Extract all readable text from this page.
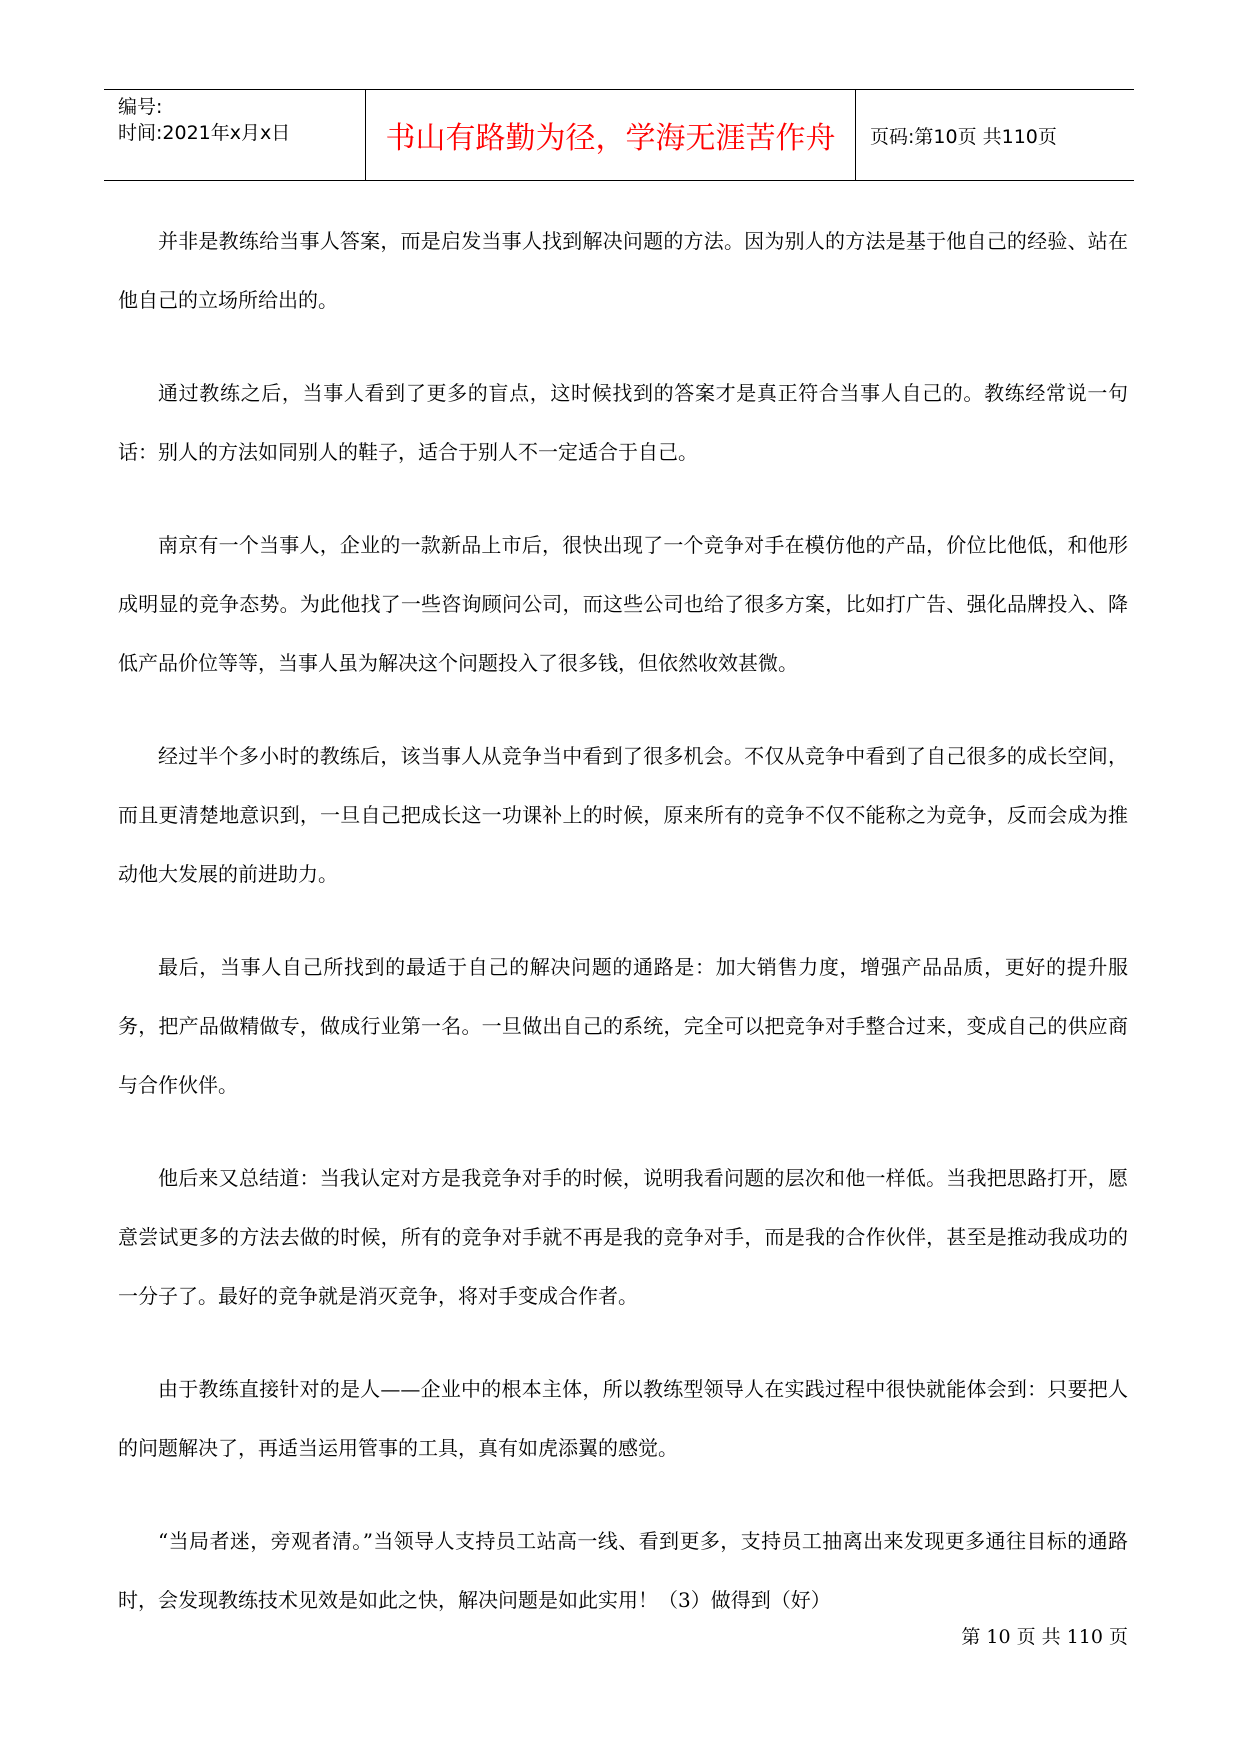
编号:
时间:2021年x月x日	书山有路勤为径，学海无涯苦作舟 页码:第10页 共110页

并非是教练给当事人答案，而是启发当事人找到解决问题的方法。因为别人的方法是基于他自己的经验、站在他自己的立场所给出的。

通过教练之后，当事人看到了更多的盲点，这时候找到的答案才是真正符合当事人自己的。教练经常说一句话：别人的方法如同别人的鞋子，适合于别人不一定适合于自己。

南京有一个当事人，企业的一款新品上市后，很快出现了一个竞争对手在模仿他的产品，价位比他低，和他形成明显的竞争态势。为此他找了一些咨询顾问公司，而这些公司也给了很多方案，比如打广告、强化品牌投入、降低产品价位等等，当事人虽为解决这个问题投入了很多钱，但依然收效甚微。

经过半个多小时的教练后，该当事人从竞争当中看到了很多机会。不仅从竞争中看到了自己很多的成长空间，而且更清楚地意识到，一旦自己把成长这一功课补上的时候，原来所有的竞争不仅不能称之为竞争，反而会成为推动他大发展的前进助力。

最后，当事人自己所找到的最适于自己的解决问题的通路是：加大销售力度，增强产品品质，更好的提升服务，把产品做精做专，做成行业第一名。一旦做出自己的系统，完全可以把竞争对手整合过来，变成自己的供应商与合作伙伴。

他后来又总结道：当我认定对方是我竞争对手的时候，说明我看问题的层次和他一样低。当我把思路打开，愿意尝试更多的方法去做的时候，所有的竞争对手就不再是我的竞争对手，而是我的合作伙伴，甚至是推动我成功的一分子了。最好的竞争就是消灭竞争，将对手变成合作者。

由于教练直接针对的是人——企业中的根本主体，所以教练型领导人在实践过程中很快就能体会到：只要把人的问题解决了，再适当运用管事的工具，真有如虎添翼的感觉。

“当局者迷，旁观者清。”当领导人支持员工站高一线、看到更多，支持员工抽离出来发现更多通往目标的通路时，会发现教练技术见效是如此之快，解决问题是如此实用！（3）做得到（好）

第 10 页 共 110 页
